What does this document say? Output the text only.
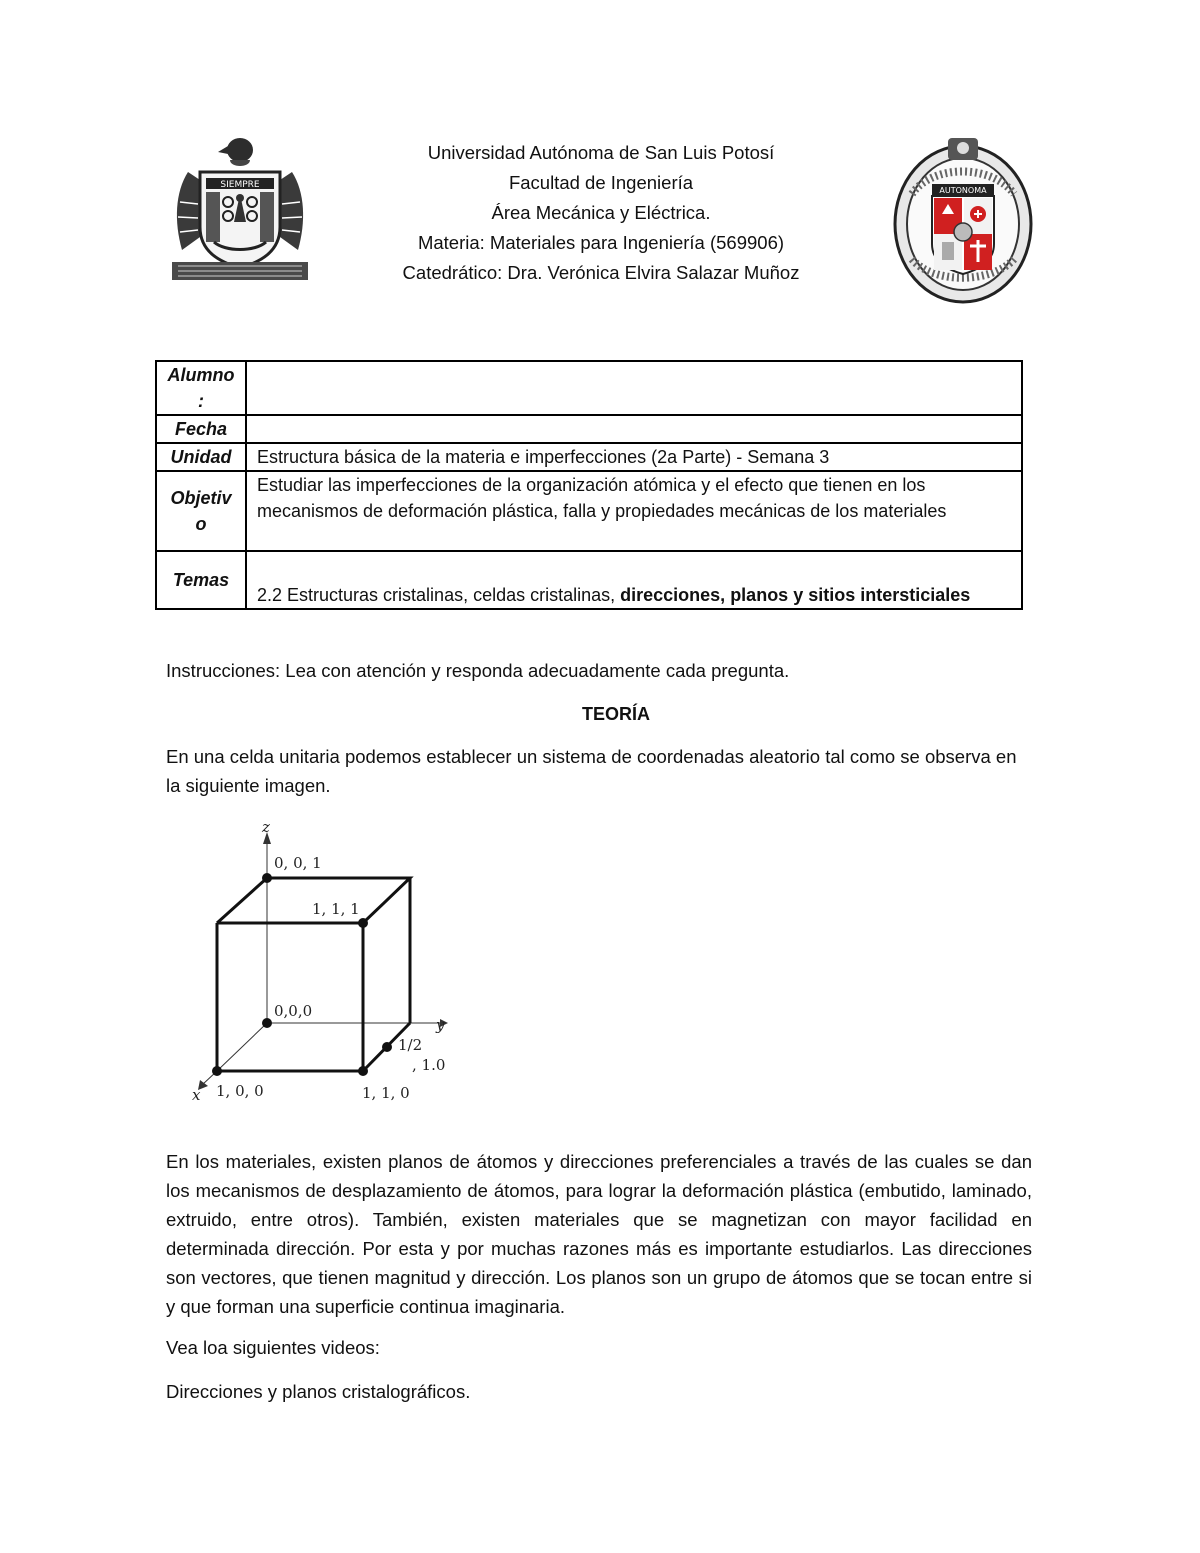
SIEMPRE
AUTONOMA
Universidad Autónoma de San Luis Potosí
Facultad de Ingeniería
Área Mecánica y Eléctrica.
Materia: Materiales para Ingeniería (569906)
Catedrático: Dra. Verónica Elvira Salazar Muñoz
Alumno :	
Fecha	
Unidad	Estructura básica de la materia e imperfecciones (2a Parte) - Semana 3
Objetiv o	Estudiar las imperfecciones de la organización atómica y el efecto que tienen en los mecanismos de deformación plástica, falla y propiedades mecánicas de los materiales
Temas	2.2 Estructuras cristalinas, celdas cristalinas, direcciones, planos y sitios intersticiales
Instrucciones: Lea con atención y responda adecuadamente cada pregunta.
TEORÍA
En una celda unitaria podemos establecer un sistema de coordenadas aleatorio tal como se observa en la siguiente imagen.
z
y
x
0, 0, 1
1, 1, 1
0,0,0
1/2
, 1.0
1, 0, 0	1, 1, 0
En los materiales, existen planos de átomos y direcciones preferenciales a través de las cuales se dan los mecanismos de desplazamiento de átomos, para lograr la deformación plástica (embutido, laminado, extruido, entre otros). También, existen materiales que se magnetizan con mayor facilidad en determinada dirección. Por esta y por muchas razones más es importante estudiarlos. Las direcciones son vectores, que tienen magnitud y dirección. Los planos son un grupo de átomos que se tocan entre si y que forman una superficie continua imaginaria.
Vea loa siguientes videos:
Direcciones y planos cristalográficos.
